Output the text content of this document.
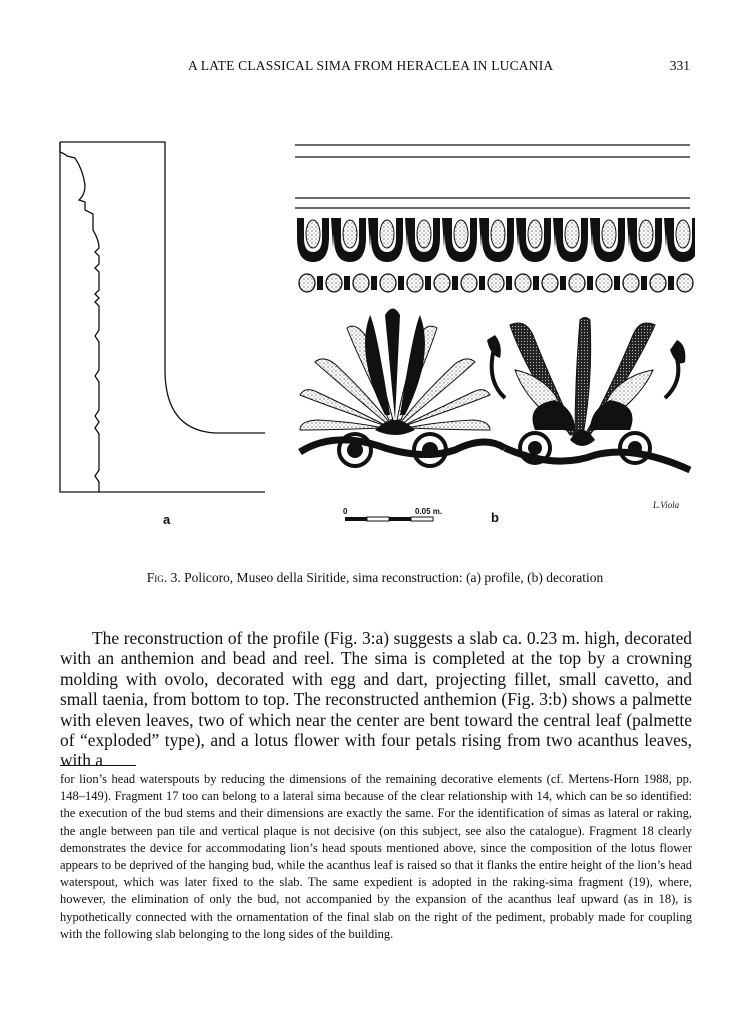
A LATE CLASSICAL SIMA FROM HERACLEA IN LUCANIA	331
a	b
0	0.05 m.
L.Viola
Fig. 3. Policoro, Museo della Siritide, sima reconstruction: (a) profile, (b) decoration

The reconstruction of the profile (Fig. 3:a) suggests a slab ca. 0.23 m. high, decorated with an anthemion and bead and reel. The sima is completed at the top by a crowning molding with ovolo, decorated with egg and dart, projecting fillet, small cavetto, and small taenia, from bottom to top. The reconstructed anthemion (Fig. 3:b) shows a palmette with eleven leaves, two of which near the center are bent toward the central leaf (palmette of “exploded” type), and a lotus flower with four petals rising from two acanthus leaves, with a

for lion’s head waterspouts by reducing the dimensions of the remaining decorative elements (cf. Mertens-Horn 1988, pp. 148–149). Fragment 17 too can belong to a lateral sima because of the clear relationship with 14, which can be so identified: the execution of the bud stems and their dimensions are exactly the same. For the identification of simas as lateral or raking, the angle between pan tile and vertical plaque is not decisive (on this subject, see also the catalogue). Fragment 18 clearly demonstrates the device for accommodating lion’s head spouts mentioned above, since the composition of the lotus flower appears to be deprived of the hanging bud, while the acanthus leaf is raised so that it flanks the entire height of the lion’s head waterspout, which was later fixed to the slab. The same expedient is adopted in the raking-sima fragment (19), where, however, the elimination of only the bud, not accompanied by the expansion of the acanthus leaf upward (as in 18), is hypothetically connected with the ornamentation of the final slab on the right of the pediment, probably made for coupling with the following slab belonging to the long sides of the building.
